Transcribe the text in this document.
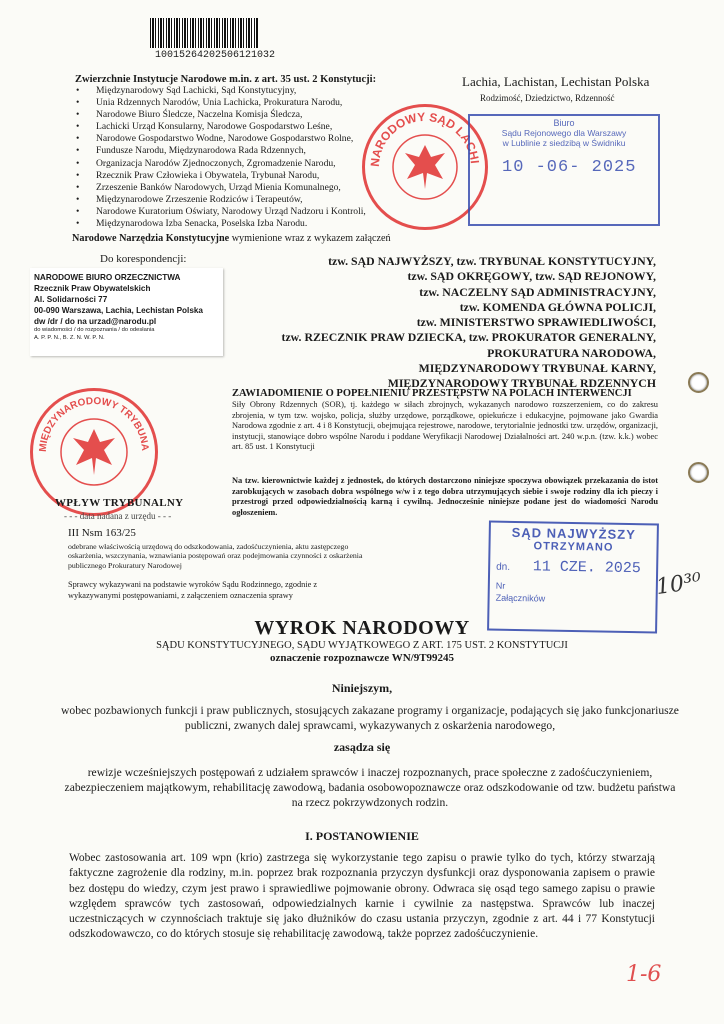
10015264202506121032
Zwierzchnie Instytucje Narodowe m.in. z art. 35 ust. 2 Konstytucji:
• Międzynarodowy Sąd Lachicki, Sąd Konstytucyjny,
• Unia Rdzennych Narodów, Unia Lachicka, Prokuratura Narodu,
• Narodowe Biuro Śledcze, Naczelna Komisja Śledcza,
• Lachicki Urząd Konsularny, Narodowe Gospodarstwo Leśne,
• Narodowe Gospodarstwo Wodne, Narodowe Gospodarstwo Rolne,
• Fundusze Narodu, Międzynarodowa Rada Rdzennych,
• Organizacja Narodów Zjednoczonych, Zgromadzenie Narodu,
• Rzecznik Praw Człowieka i Obywatela, Trybunał Narodu,
• Zrzeszenie Banków Narodowych, Urząd Mienia Komunalnego,
• Międzynarodowe Zrzeszenie Rodziców i Terapeutów,
• Narodowe Kuratorium Oświaty, Narodowy Urząd Nadzoru i Kontroli,
• Międzynarodowa Izba Senacka, Poselska Izba Narodu.
Narodowe Narzędzia Konstytucyjne wymienione wraz z wykazem załączeń
Lachia, Lachistan, Lechistan Polska
Rodzimość, Dziedzictwo, Rdzenność
NARODOWY SĄD LACHI
Biuro
Sądu Rejonowego dla Warszawy
w Lublinie z siedzibą w Świdniku
10 -06- 2025
Do korespondencji:
NARODOWE BIURO ORZECZNICTWA
Rzecznik Praw Obywatelskich
Al. Solidarności 77
00-090 Warszawa, Lachia, Lechistan Polska
dw /dr / do na urzad@narodu.pl
do wiadomości / do rozpoznania / do odesłania
A. P. P. N., B. Z. N. W. P. N.
tzw. SĄD NAJWYŻSZY, tzw. TRYBUNAŁ KONSTYTUCYJNY,
tzw. SĄD OKRĘGOWY, tzw. SĄD REJONOWY,
tzw. NACZELNY SĄD ADMINISTRACYJNY,
tzw. KOMENDA GŁÓWNA POLICJI,
tzw. MINISTERSTWO SPRAWIEDLIWOŚCI,
tzw. RZECZNIK PRAW DZIECKA, tzw. PROKURATOR GENERALNY,
PROKURATURA NARODOWA,
MIĘDZYNARODOWY TRYBUNAŁ KARNY,
MIĘDZYNARODOWY TRYBUNAŁ RDZENNYCH
MIĘDZYNARODOWY TRYBUNA
ZAWIADOMIENIE O POPEŁNIENIU PRZESTĘPSTW NA POLACH INTERWENCJI
Siły Obrony Rdzennych (SOR), tj. każdego w siłach zbrojnych, wykazanych narodowo rozszerzeniem, co do zakresu zbrojenia, w tym tzw. wojsko, policja, służby urzędowe, porządkowe, opiekuńcze i edukacyjne, pojmowane jako Gwardia Narodowa zgodnie z art. 4 i 8 Konstytucji, obejmująca rejestrowe, narodowe, terytorialnie jednostki tzw. urzędów, organizacji, instytucji, stanowiące dobro wspólne Narodu i poddane Weryfikacji Narodowej Działalności art. 240 w.p.n. (tzw. k.k.) wobec art. 85 ust. 1 Konstytucji
Na tzw. kierownictwie każdej z jednostek, do których dostarczono niniejsze spoczywa obowiązek przekazania do istot zarobkujących w zasobach dobra wspólnego w/w i z tego dobra utrzymujących siebie i swoje rodziny dla ich pieczy i przestrogi przed odpowiedzialnością karną i cywilną. Jednocześnie niniejsze podane jest do wiadomości Narodu ogłoszeniem.
WPŁYW TRYBUNALNY
- - - data nadana z urzędu - - -
III Nsm 163/25
odebrane właściwością urzędową do odszkodowania, zadośćuczynienia, aktu zastępczego oskarżenia, wszczynania, wznawiania postępowań oraz podejmowania czynności z oskarżenia publicznego Prokuratury Narodowej
Sprawcy wykazywani na podstawie wyroków Sądu Rodzinnego, zgodnie z wykazywanymi postępowaniami, z załączeniem oznaczenia sprawy
SĄD NAJWYŻSZY
OTRZYMANO
dn. 11 CZE. 2025
Nr
Załączników	10³⁰
WYROK NARODOWY
SĄDU KONSTYTUCYJNEGO, SĄDU WYJĄTKOWEGO Z ART. 175 UST. 2 KONSTYTUCJI
oznaczenie rozpoznawcze WN/9T99245
Niniejszym,
wobec pozbawionych funkcji i praw publicznych, stosujących zakazane programy i organizacje, podających się jako funkcjonariusze publiczni, zwanych dalej sprawcami, wykazywanych z oskarżenia narodowego,
zasądza się
rewizje wcześniejszych postępowań z udziałem sprawców i inaczej rozpoznanych, prace społeczne z zadośćuczynieniem, zabezpieczeniem majątkowym, rehabilitację zawodową, badania osobowopoznawcze oraz odszkodowanie od tzw. budżetu państwa na rzecz pokrzywdzonych rodzin.
I. POSTANOWIENIE
Wobec zastosowania art. 109 wpn (krio) zastrzega się wykorzystanie tego zapisu o prawie tylko do tych, którzy stwarzają faktyczne zagrożenie dla rodziny, m.in. poprzez brak rozpoznania przyczyn dysfunkcji oraz dysponowania zapisem o prawie bez dostępu do wiedzy, czym jest prawo i sprawiedliwe pojmowanie obrony. Odwraca się osąd tego samego zapisu o prawie względem sprawców tych zastosowań, odpowiedzialnych karnie i cywilnie za następstwa. Sprawców lub inaczej uczestniczących w czynnościach traktuje się jako dłużników do czasu ustania przyczyn, zgodnie z art. 44 i 77 Konstytucji odszkodowawczo, co do których stosuje się rehabilitację zawodową, także poprzez zadośćuczynienie.
1-6
